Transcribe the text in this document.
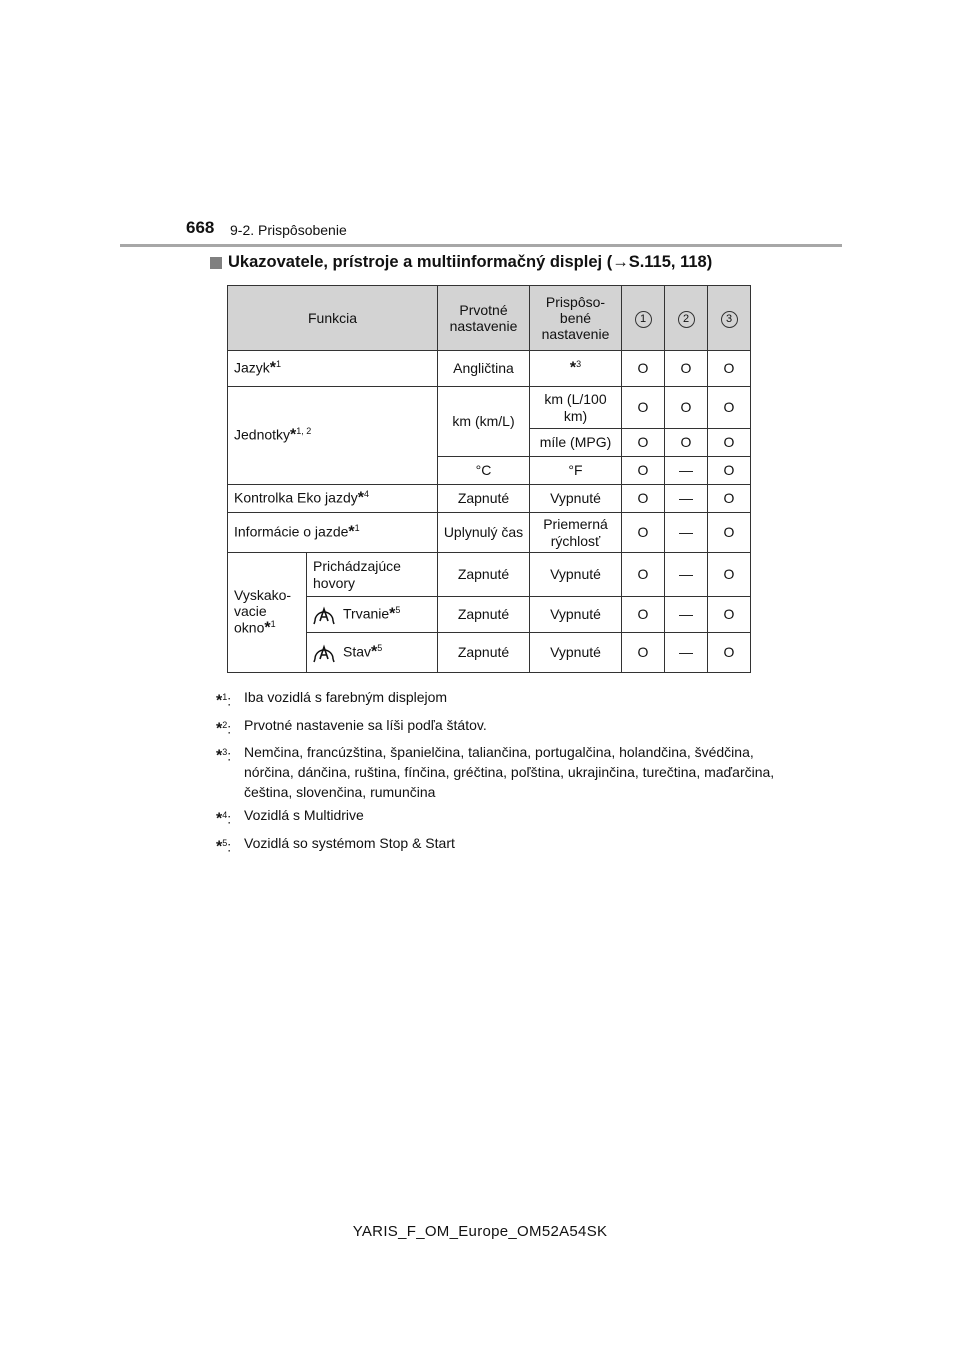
668 9-2. Prispôsobenie
Ukazovatele, prístroje a multiinformačný displej (→S.115, 118)
Funkcia		Prvotné nastavenie	Prispôso-bené nastavenie	1	2	3
Jazyk*$^1$		Angličtina	*$^3$	O	O	O
Jednotky*$^{1, 2}$		km (km/L)	km (L/100 km)	O	O	O
			míle (MPG)	O	O	O
		°C	°F	O	—	O
Kontrolka Eko jazdy*$^4$		Zapnuté	Vypnuté	O	—	O
Informácie o jazde*$^1$		Uplynulý čas	Priemerná rýchlosť	O	—	O
Vyskako-vacie okno*$^1$	Prichádzajúce hovory	Zapnuté	Vypnuté	O	—	O
	Trvanie*$^5$	Zapnuté	Vypnuté	O	—	O
	Stav*$^5$	Zapnuté	Vypnuté	O	—	O
*$^1$: Iba vozidlá s farebným displejom
*$^2$: Prvotné nastavenie sa líši podľa štátov.
*$^3$: Nemčina, francúzština, španielčina, taliančina, portugalčina, holandčina, švédčina, nórčina, dánčina, ruština, fínčina, gréčtina, poľština, ukrajinčina, turečtina, maďarčina, čeština, slovenčina, rumunčina
*$^4$: Vozidlá s Multidrive
*$^5$: Vozidlá so systémom Stop & Start
YARIS_F_OM_Europe_OM52A54SK
